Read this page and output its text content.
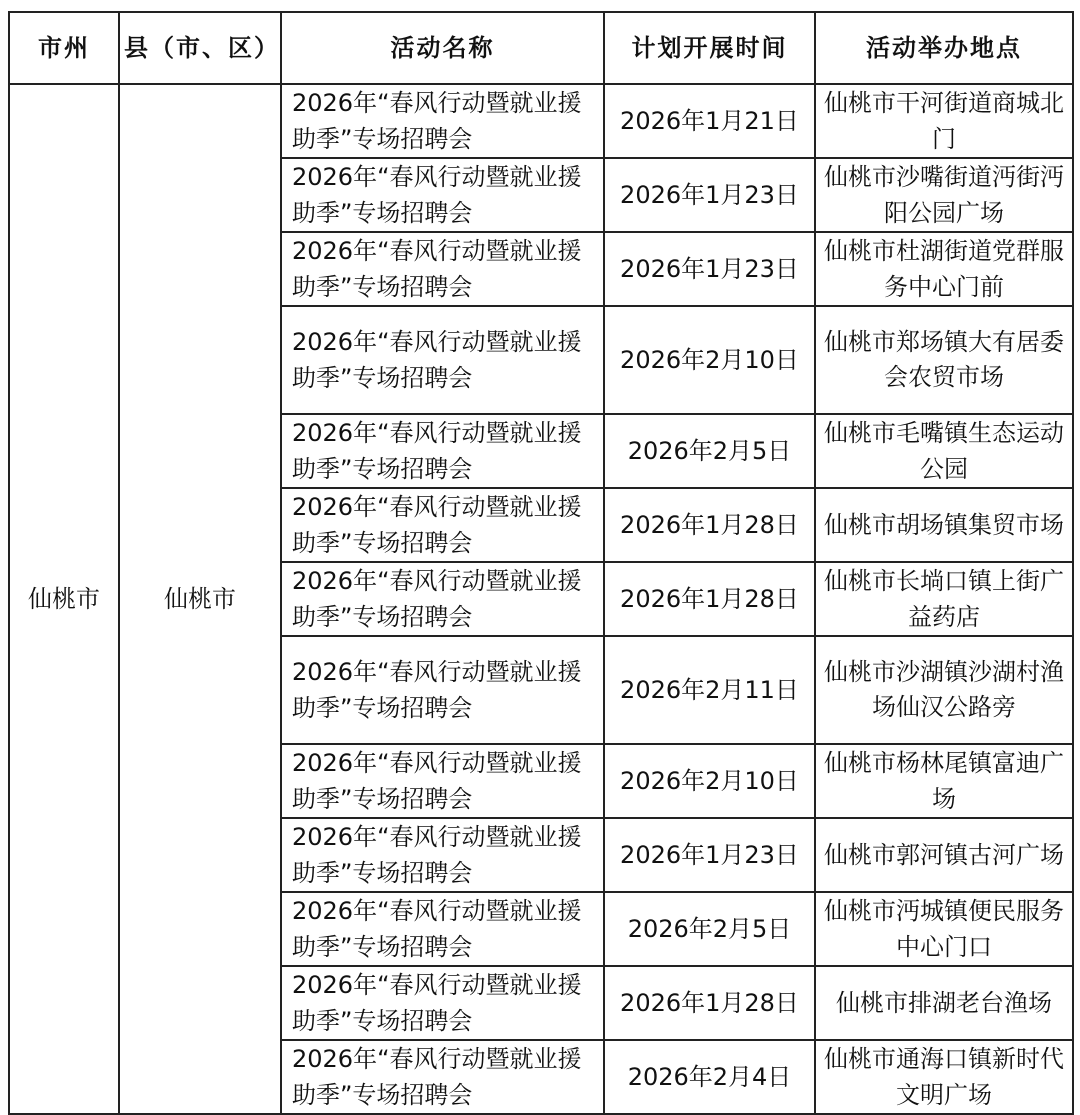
市州	县（市、区）	活动名称	计划开展时间	活动举办地点
仙桃市	仙桃市	2026年“春风行动暨就业援助季”专场招聘会	2026年1月21日	仙桃市干河街道商城北门
		2026年“春风行动暨就业援助季”专场招聘会	2026年1月23日	仙桃市沙嘴街道沔街沔阳公园广场
		2026年“春风行动暨就业援助季”专场招聘会	2026年1月23日	仙桃市杜湖街道党群服务中心门前
		2026年“春风行动暨就业援助季”专场招聘会	2026年2月10日	仙桃市郑场镇大有居委会农贸市场
		2026年“春风行动暨就业援助季”专场招聘会	2026年2月5日	仙桃市毛嘴镇生态运动公园
		2026年“春风行动暨就业援助季”专场招聘会	2026年1月28日	仙桃市胡场镇集贸市场
		2026年“春风行动暨就业援助季”专场招聘会	2026年1月28日	仙桃市长埫口镇上街广益药店
		2026年“春风行动暨就业援助季”专场招聘会	2026年2月11日	仙桃市沙湖镇沙湖村渔场仙汉公路旁
		2026年“春风行动暨就业援助季”专场招聘会	2026年2月10日	仙桃市杨林尾镇富迪广场
		2026年“春风行动暨就业援助季”专场招聘会	2026年1月23日	仙桃市郭河镇古河广场
		2026年“春风行动暨就业援助季”专场招聘会	2026年2月5日	仙桃市沔城镇便民服务中心门口
		2026年“春风行动暨就业援助季”专场招聘会	2026年1月28日	仙桃市排湖老台渔场
		2026年“春风行动暨就业援助季”专场招聘会	2026年2月4日	仙桃市通海口镇新时代文明广场
